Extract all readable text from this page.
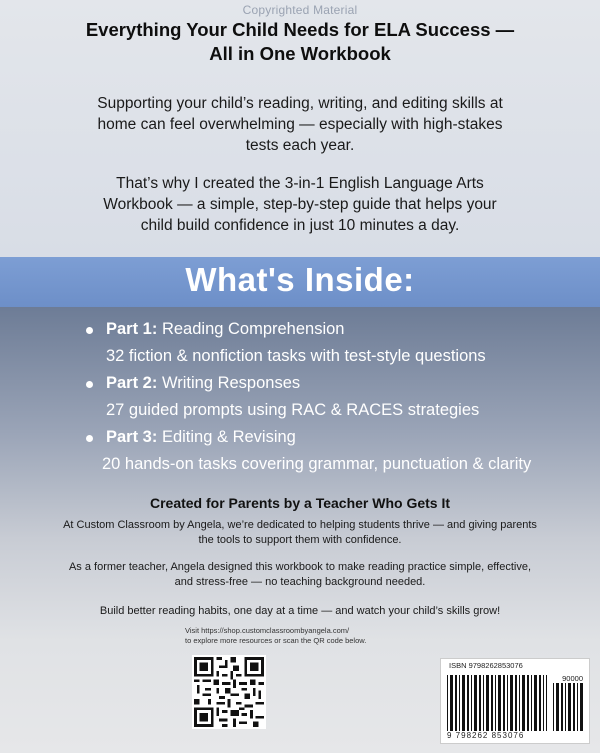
Copyrighted Material
Everything Your Child Needs for ELA Success —
All in One Workbook
Supporting your child’s reading, writing, and editing skills at home can feel overwhelming — especially with high-stakes tests each year.
That’s why I created the 3-in-1 English Language Arts Workbook — a simple, step-by-step guide that helps your child build confidence in just 10 minutes a day.
What's Inside:
Part 1: Reading Comprehension
32 fiction & nonfiction tasks with test-style questions
Part 2: Writing Responses
27 guided prompts using RAC & RACES strategies
Part 3: Editing & Revising
20 hands-on tasks covering grammar, punctuation & clarity
Created for Parents by a Teacher Who Gets It
At Custom Classroom by Angela, we’re dedicated to helping students thrive — and giving parents the tools to support them with confidence.
As a former teacher, Angela designed this workbook to make reading practice simple, effective, and stress-free — no teaching background needed.
Build better reading habits, one day at a time — and watch your child’s skills grow!
Visit https://shop.customclassroombyangela.com/
to explore more resources or scan the QR code below.
ISBN 9798262853076
90000
9 798262 853076
